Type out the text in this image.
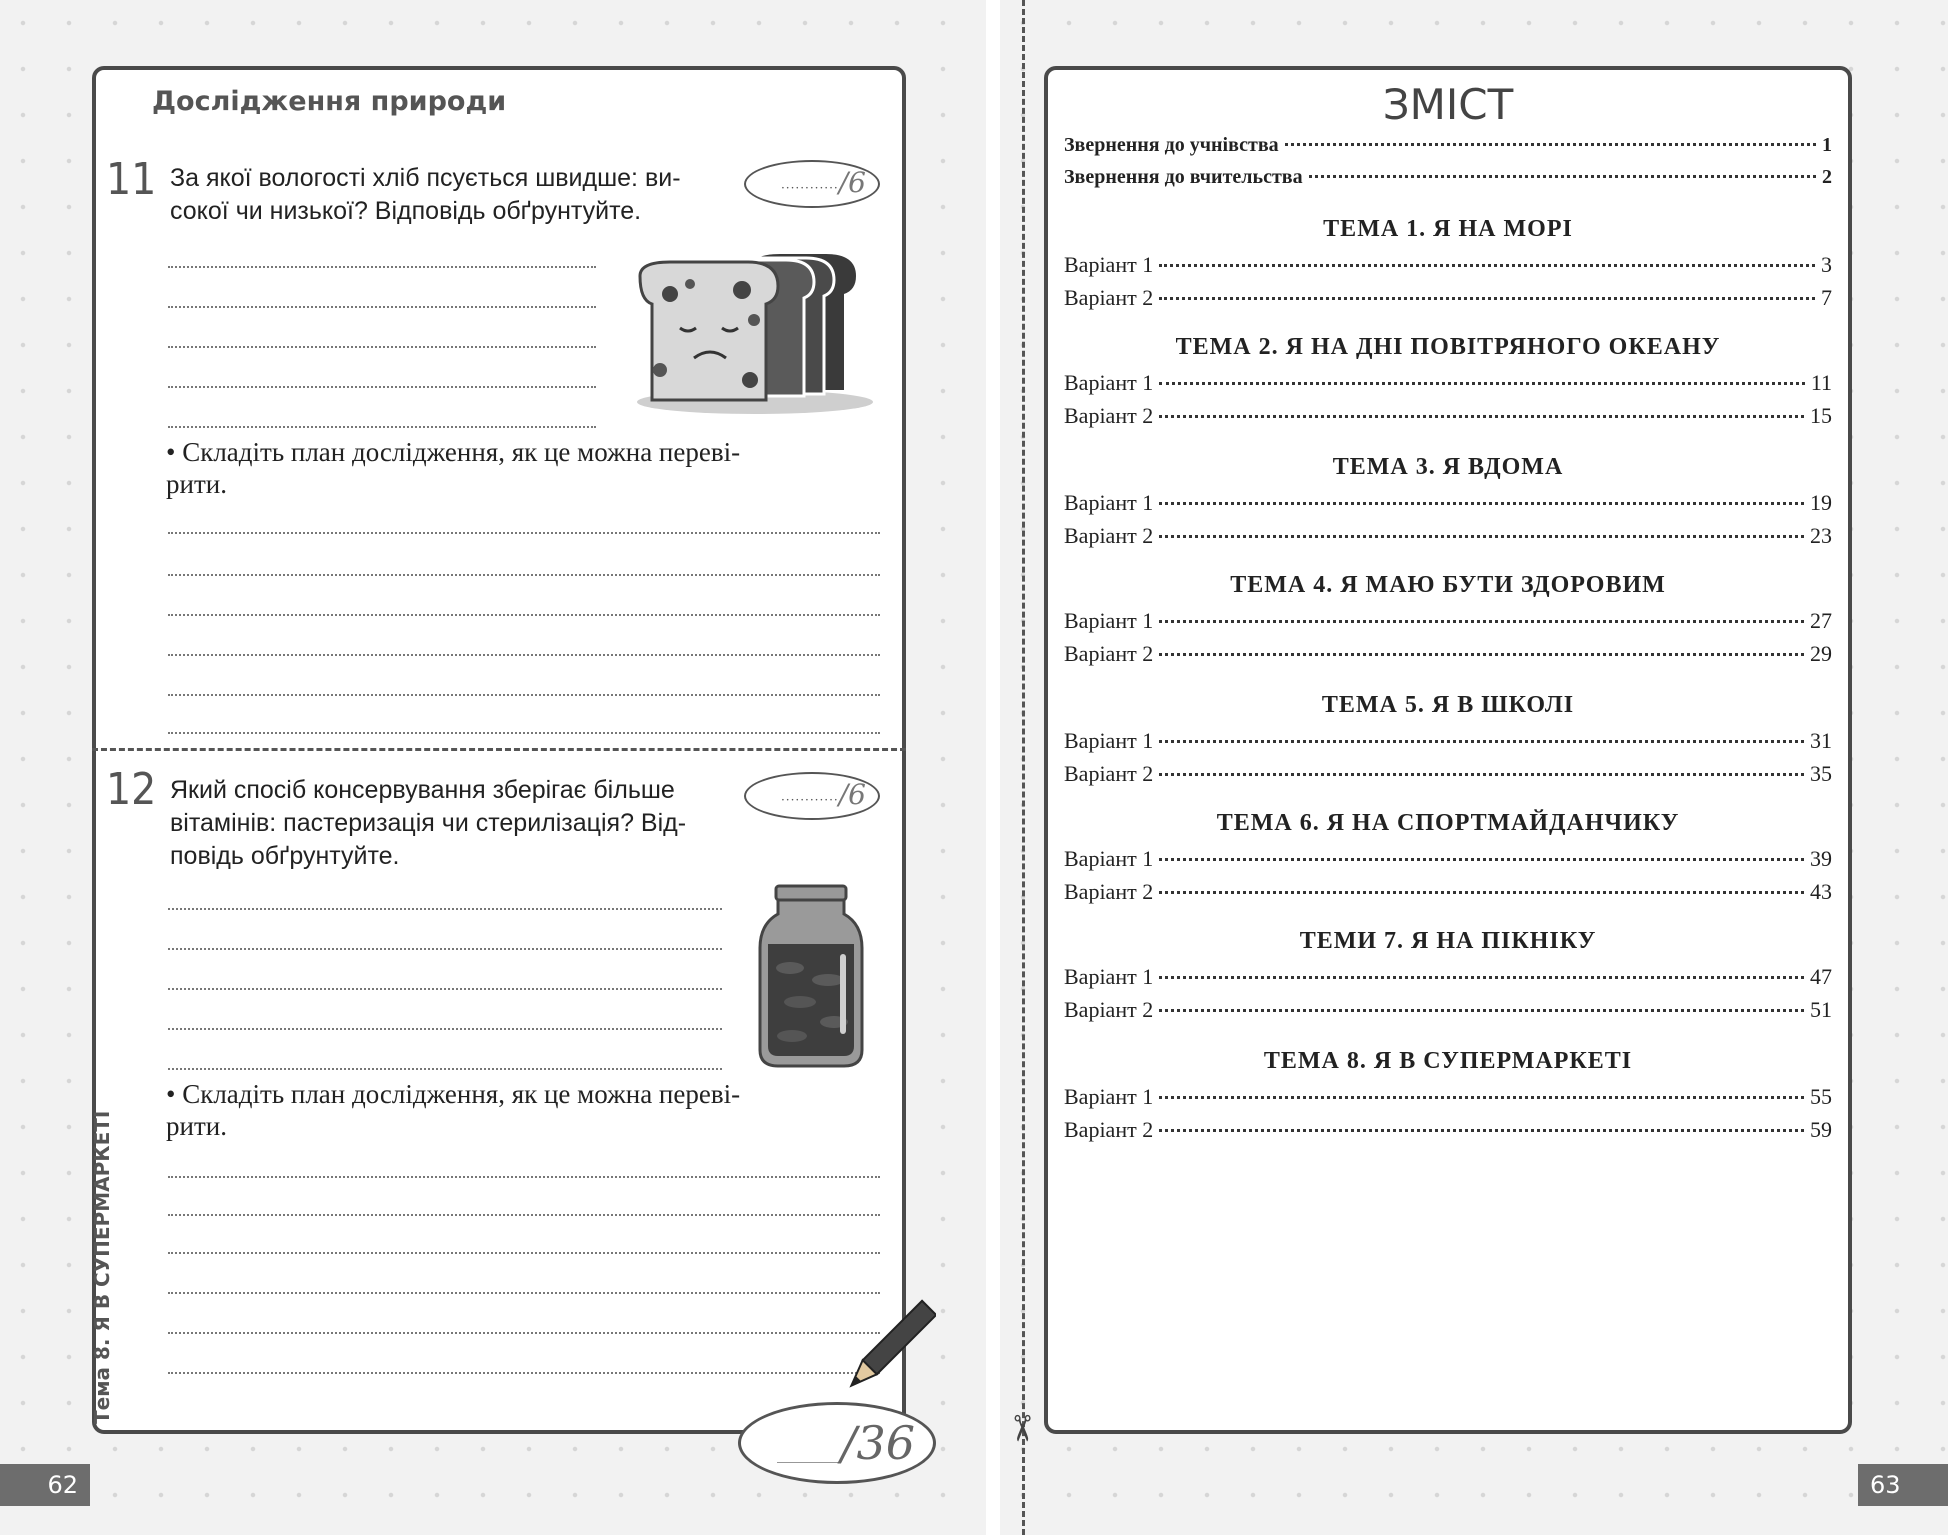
✂
Дослідження природи
11 За якої вологості хліб псується швидше: ви-
сокої чи низької? Відповідь обґрунтуйте.
............/6
• Складіть план дослідження, як це можна переві-
рити.
12 Який спосіб консервування зберігає більше
вітамінів: пастеризація чи стерилізація? Від-
повідь обґрунтуйте.
............/6
• Складіть план дослідження, як це можна переві-
рити.
________/36
Тема 8. Я В СУПЕРМАРКЕТІ
62
ЗМІСТ
Звернення до учнівства	1
Звернення до вчительства	2
ТЕМА 1. Я НА МОРІ
Варіант 1	3
Варіант 2	7
ТЕМА 2. Я НА ДНІ ПОВІТРЯНОГО ОКЕАНУ
Варіант 1	11
Варіант 2	15
ТЕМА 3. Я ВДОМА
Варіант 1	19
Варіант 2	23
ТЕМА 4. Я МАЮ БУТИ ЗДОРОВИМ
Варіант 1	27
Варіант 2	29
ТЕМА 5. Я В ШКОЛІ
Варіант 1	31
Варіант 2	35
ТЕМА 6. Я НА СПОРТМАЙДАНЧИКУ
Варіант 1	39
Варіант 2	43
ТЕМИ 7. Я НА ПІКНІКУ
Варіант 1	47
Варіант 2	51
ТЕМА 8. Я В СУПЕРМАРКЕТІ
Варіант 1	55
Варіант 2	59
63
